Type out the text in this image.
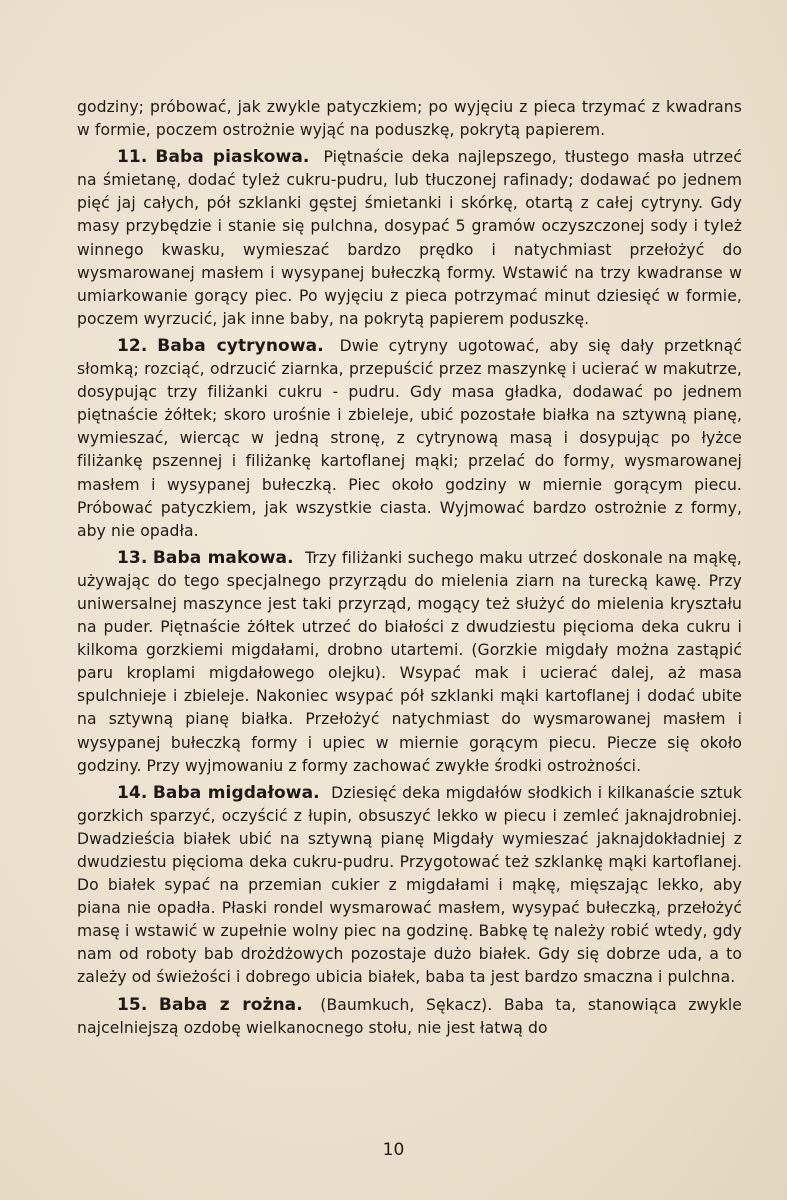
godziny; próbować, jak zwykle patyczkiem; po wyjęciu z pieca trzymać z kwadrans w formie, poczem ostrożnie wyjąć na poduszkę, pokrytą papierem.

11. Baba piaskowa. Piętnaście deka najlepszego, tłustego masła utrzeć na śmietanę, dodać tyleż cukru-pudru, lub tłuczonej rafinady; dodawać po jednem pięć jaj całych, pół szklanki gęstej śmietanki i skórkę, otartą z całej cytryny. Gdy masy przybędzie i stanie się pulchna, dosypać 5 gramów oczyszczonej sody i tyleż winnego kwasku, wymieszać bardzo prędko i natychmiast przełożyć do wysmarowanej masłem i wysypanej bułeczką formy. Wstawić na trzy kwadranse w umiarkowanie gorący piec. Po wyjęciu z pieca potrzymać minut dziesięć w formie, poczem wyrzucić, jak inne baby, na pokrytą papierem poduszkę.

12. Baba cytrynowa. Dwie cytryny ugotować, aby się dały przetknąć słomką; rozciąć, odrzucić ziarnka, przepuścić przez maszynkę i ucierać w makutrze, dosypując trzy filiżanki cukru - pudru. Gdy masa gładka, dodawać po jednem piętnaście żółtek; skoro urośnie i zbieleje, ubić pozostałe białka na sztywną pianę, wymieszać, wiercąc w jedną stronę, z cytrynową masą i dosypując po łyżce filiżankę pszennej i filiżankę kartoflanej mąki; przelać do formy, wysmarowanej masłem i wysypanej bułeczką. Piec około godziny w miernie gorącym piecu. Próbować patyczkiem, jak wszystkie ciasta. Wyjmować bardzo ostrożnie z formy, aby nie opadła.

13. Baba makowa. Trzy filiżanki suchego maku utrzeć doskonale na mąkę, używając do tego specjalnego przyrządu do mielenia ziarn na turecką kawę. Przy uniwersalnej maszynce jest taki przyrząd, mogący też służyć do mielenia kryształu na puder. Piętnaście żółtek utrzeć do białości z dwudziestu pięcioma deka cukru i kilkoma gorzkiemi migdałami, drobno utartemi. (Gorzkie migdały można zastąpić paru kroplami migdałowego olejku). Wsypać mak i ucierać dalej, aż masa spulchnieje i zbieleje. Nakoniec wsypać pół szklanki mąki kartoflanej i dodać ubite na sztywną pianę białka. Przełożyć natychmiast do wysmarowanej masłem i wysypanej bułeczką formy i upiec w miernie gorącym piecu. Piecze się około godziny. Przy wyjmowaniu z formy zachować zwykłe środki ostrożności.

14. Baba migdałowa. Dziesięć deka migdałów słodkich i kilkanaście sztuk gorzkich sparzyć, oczyścić z łupin, obsuszyć lekko w piecu i zemleć jaknajdrobniej. Dwadzieścia białek ubić na sztywną pianę Migdały wymieszać jaknajdokładniej z dwudziestu pięcioma deka cukru-pudru. Przygotować też szklankę mąki kartoflanej. Do białek sypać na przemian cukier z migdałami i mąkę, mięszając lekko, aby piana nie opadła. Płaski rondel wysmarować masłem, wysypać bułeczką, przełożyć masę i wstawić w zupełnie wolny piec na godzinę. Babkę tę należy robić wtedy, gdy nam od roboty bab drożdżowych pozostaje dużo białek. Gdy się dobrze uda, a to zależy od świeżości i dobrego ubicia białek, baba ta jest bardzo smaczna i pulchna.

15. Baba z rożna. (Baumkuch, Sękacz). Baba ta, stanowiąca zwykle najcelniejszą ozdobę wielkanocnego stołu, nie jest łatwą do

10
